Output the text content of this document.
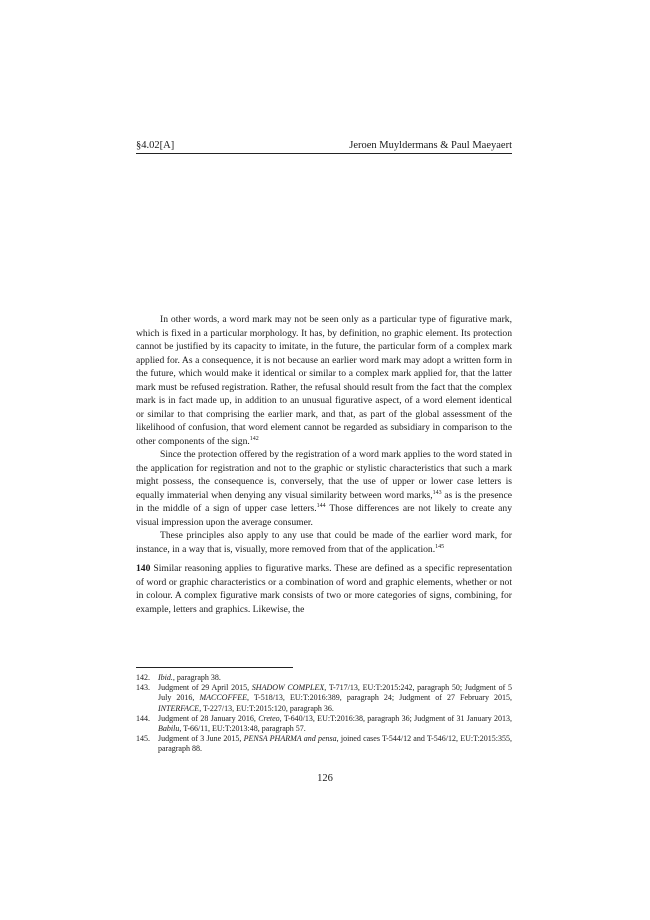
§4.02[A]	Jeroen Muyldermans & Paul Maeyaert

In other words, a word mark may not be seen only as a particular type of figurative mark, which is fixed in a particular morphology. It has, by definition, no graphic element. Its protection cannot be justified by its capacity to imitate, in the future, the particular form of a complex mark applied for. As a consequence, it is not because an earlier word mark may adopt a written form in the future, which would make it identical or similar to a complex mark applied for, that the latter mark must be refused registration. Rather, the refusal should result from the fact that the complex mark is in fact made up, in addition to an unusual figurative aspect, of a word element identical or similar to that comprising the earlier mark, and that, as part of the global assessment of the likelihood of confusion, that word element cannot be regarded as subsidiary in comparison to the other components of the sign.$^{142}$

Since the protection offered by the registration of a word mark applies to the word stated in the application for registration and not to the graphic or stylistic characteristics that such a mark might possess, the consequence is, conversely, that the use of upper or lower case letters is equally immaterial when denying any visual similarity between word marks,$^{143}$ as is the presence in the middle of a sign of upper case letters.$^{144}$ Those differences are not likely to create any visual impression upon the average consumer.

These principles also apply to any use that could be made of the earlier word mark, for instance, in a way that is, visually, more removed from that of the application.$^{145}$

140 Similar reasoning applies to figurative marks. These are defined as a specific representation of word or graphic characteristics or a combination of word and graphic elements, whether or not in colour. A complex figurative mark consists of two or more categories of signs, combining, for example, letters and graphics. Likewise, the

142.	Ibid., paragraph 38.
143.	Judgment of 29 April 2015, SHADOW COMPLEX, T-717/13, EU:T:2015:242, paragraph 50; Judgment of 5 July 2016, MACCOFFEE, T-518/13, EU:T:2016:389, paragraph 24; Judgment of 27 February 2015, INTERFACE, T-227/13, EU:T:2015:120, paragraph 36.
144.	Judgment of 28 January 2016, Creteo, T-640/13, EU:T:2016:38, paragraph 36; Judgment of 31 January 2013, Babilu, T-66/11, EU:T:2013:48, paragraph 57.
145.	Judgment of 3 June 2015, PENSA PHARMA and pensa, joined cases T-544/12 and T-546/12, EU:T:2015:355, paragraph 88.
126
